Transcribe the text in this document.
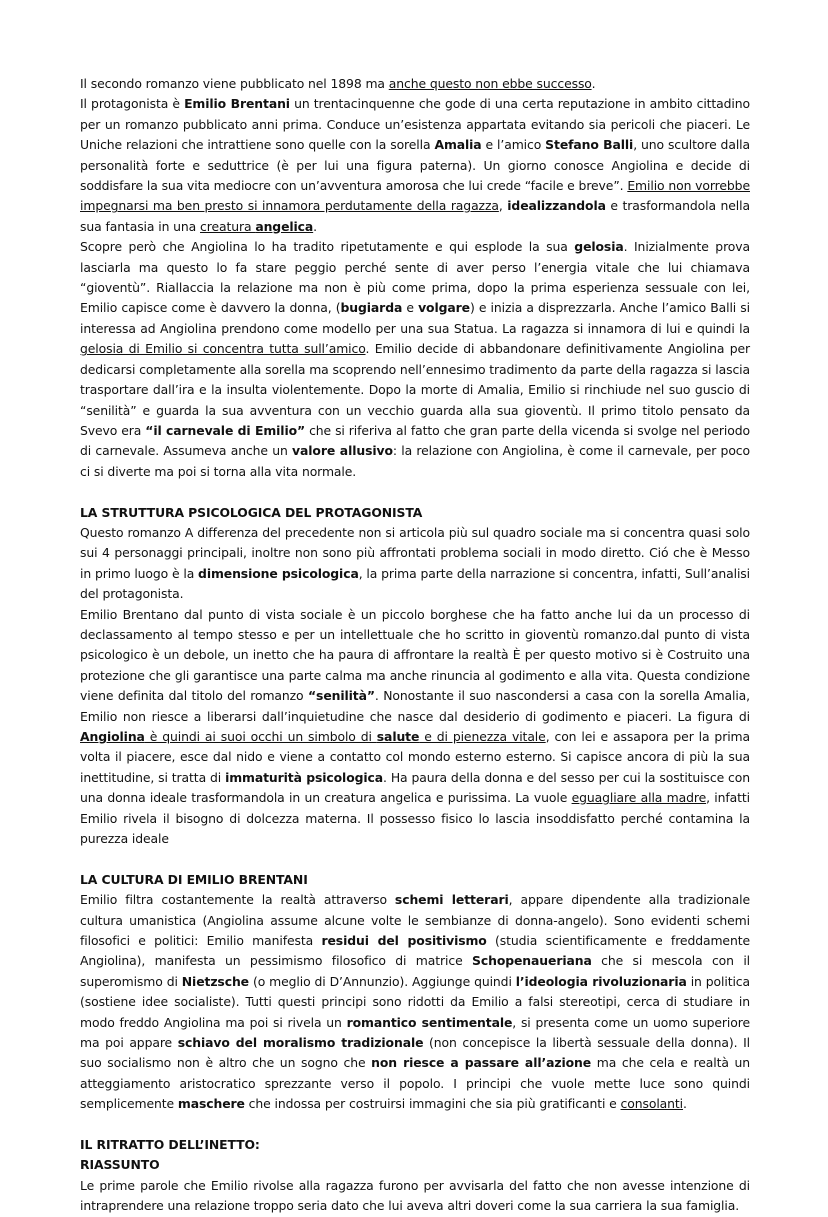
Il secondo romanzo viene pubblicato nel 1898 ma anche questo non ebbe successo.

Il protagonista è Emilio Brentani un trentacinquenne che gode di una certa reputazione in ambito cittadino per un romanzo pubblicato anni prima. Conduce un’esistenza appartata evitando sia pericoli che piaceri. Le Uniche relazioni che intrattiene sono quelle con la sorella Amalia e l’amico Stefano Balli, uno scultore dalla personalità forte e seduttrice (è per lui una figura paterna). Un giorno conosce Angiolina e decide di soddisfare la sua vita mediocre con un’avventura amorosa che lui crede “facile e breve”. Emilio non vorrebbe impegnarsi ma ben presto si innamora perdutamente della ragazza, idealizzandola e trasformandola nella sua fantasia in una creatura angelica.

Scopre però che Angiolina lo ha tradito ripetutamente e qui esplode la sua gelosia. Inizialmente prova lasciarla ma questo lo fa stare peggio perché sente di aver perso l’energia vitale che lui chiamava “gioventù”. Riallaccia la relazione ma non è più come prima, dopo la prima esperienza sessuale con lei, Emilio capisce come è davvero la donna, (bugiarda e volgare) e inizia a disprezzarla. Anche l’amico Balli si interessa ad Angiolina prendono come modello per una sua Statua. La ragazza si innamora di lui e quindi la gelosia di Emilio si concentra tutta sull’amico. Emilio decide di abbandonare definitivamente Angiolina per dedicarsi completamente alla sorella ma scoprendo nell’ennesimo tradimento da parte della ragazza si lascia trasportare dall’ira e la insulta violentemente. Dopo la morte di Amalia, Emilio si rinchiude nel suo guscio di “senilità” e guarda la sua avventura con un vecchio guarda alla sua gioventù. Il primo titolo pensato da Svevo era “il carnevale di Emilio” che si riferiva al fatto che gran parte della vicenda si svolge nel periodo di carnevale. Assumeva anche un valore allusivo: la relazione con Angiolina, è come il carnevale, per poco ci si diverte ma poi si torna alla vita normale.

LA STRUTTURA PSICOLOGICA DEL PROTAGONISTA

Questo romanzo A differenza del precedente non si articola più sul quadro sociale ma si concentra quasi solo sui 4 personaggi principali, inoltre non sono più affrontati problema sociali in modo diretto. Ció che è Messo in primo luogo è la dimensione psicologica, la prima parte della narrazione si concentra, infatti, Sull’analisi del protagonista.

Emilio Brentano dal punto di vista sociale è un piccolo borghese che ha fatto anche lui da un processo di declassamento al tempo stesso e per un intellettuale che ho scritto in gioventù romanzo.dal punto di vista psicologico è un debole, un inetto che ha paura di affrontare la realtà È per questo motivo si è Costruito una protezione che gli garantisce una parte calma ma anche rinuncia al godimento e alla vita. Questa condizione viene definita dal titolo del romanzo “senilità”. Nonostante il suo nascondersi a casa con la sorella Amalia, Emilio non riesce a liberarsi dall’inquietudine che nasce dal desiderio di godimento e piaceri. La figura di Angiolina è quindi ai suoi occhi un simbolo di salute e di pienezza vitale, con lei e assapora per la prima volta il piacere, esce dal nido e viene a contatto col mondo esterno esterno. Si capisce ancora di più la sua inettitudine, si tratta di immaturità psicologica. Ha paura della donna e del sesso per cui la sostituisce con una donna ideale trasformandola in un creatura angelica e purissima. La vuole eguagliare alla madre, infatti Emilio rivela il bisogno di dolcezza materna. Il possesso fisico lo lascia insoddisfatto perché contamina la purezza ideale

LA CULTURA DI EMILIO BRENTANI

Emilio filtra costantemente la realtà attraverso schemi letterari, appare dipendente alla tradizionale cultura umanistica (Angiolina assume alcune volte le sembianze di donna-angelo). Sono evidenti schemi filosofici e politici: Emilio manifesta residui del positivismo (studia scientificamente e freddamente Angiolina), manifesta un pessimismo filosofico di matrice Schopenaueriana che si mescola con il superomismo di Nietzsche (o meglio di D’Annunzio). Aggiunge quindi l’ideologia rivoluzionaria in politica (sostiene idee socialiste). Tutti questi principi sono ridotti da Emilio a falsi stereotipi, cerca di studiare in modo freddo Angiolina ma poi si rivela un romantico sentimentale, si presenta come un uomo superiore ma poi appare schiavo del moralismo tradizionale (non concepisce la libertà sessuale della donna). Il suo socialismo non è altro che un sogno che non riesce a passare all’azione ma che cela e realtà un atteggiamento aristocratico sprezzante verso il popolo. I principi che vuole mette luce sono quindi semplicemente maschere che indossa per costruirsi immagini che sia più gratificanti e consolanti.

IL RITRATTO DELL’INETTO:
RIASSUNTO

Le prime parole che Emilio rivolse alla ragazza furono per avvisarla del fatto che non avesse intenzione di intraprendere una relazione troppo seria dato che lui aveva altri doveri come la sua carriera la sua famiglia.
